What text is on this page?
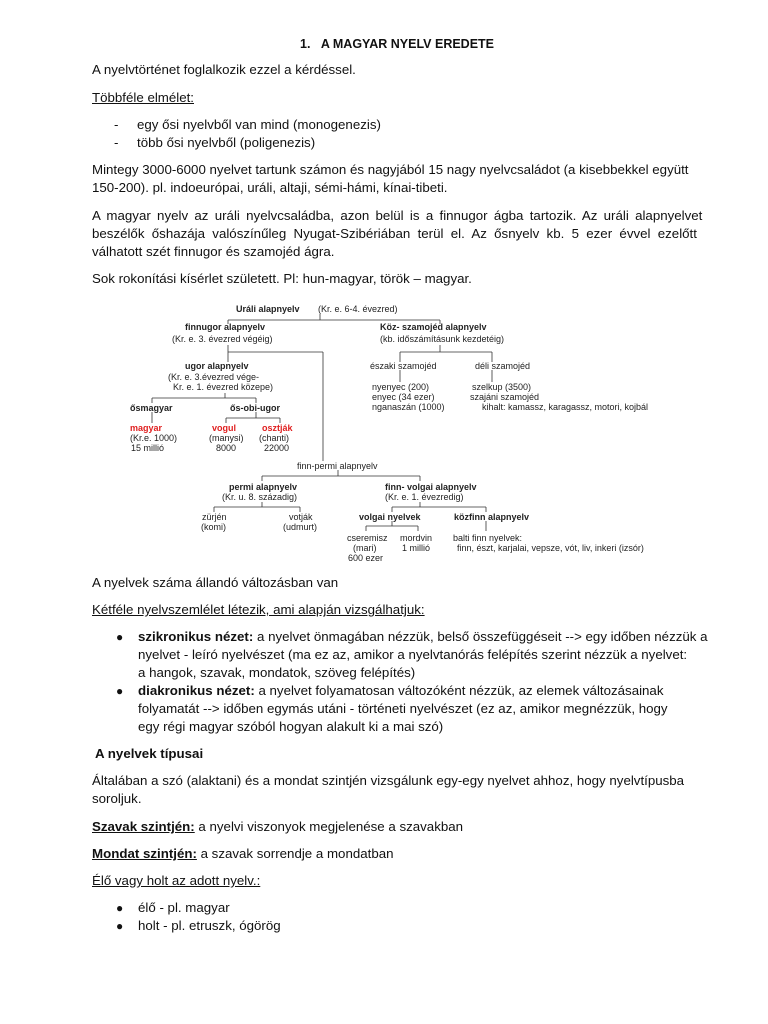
1.   A MAGYAR NYELV EREDETE
A nyelvtörténet foglalkozik ezzel a kérdéssel.
Többféle elmélet:
- egy ősi nyelvből van mind (monogenezis)
- több ősi nyelvből (poligenezis)
Mintegy 3000-6000 nyelvet tartunk számon és nagyjából 15 nagy nyelvcsaládot (a kisebbekkel együtt
150-200). pl. indoeurópai, uráli, altaji, sémi-hámi, kínai-tibeti.
A magyar nyelv az uráli nyelvcsaládba, azon belül is a finnugor ágba tartozik. Az uráli alapnyelvet
beszélők őshazája valószínűleg Nyugat-Szibériában terül el. Az ősnyelv kb. 5 ezer évvel ezelőtt
válhatott szét finnugor és szamojéd ágra.
Sok rokonítási kísérlet született. Pl: hun-magyar, török – magyar.
Uráli alapnyelv (Kr. e. 6-4. évezred)
finnugor alapnyelv
(Kr. e. 3. évezred végéig)
Köz- szamojéd alapnyelv
(kb. időszámításunk kezdetéig)
északi szamojéd	déli szamojéd
nyenyec (200)
enyec (34 ezer)
nganaszán (1000)
szelkup (3500)
szajáni szamojéd
kihalt: kamassz, karagassz, motori, kojbál
ugor alapnyelv
(Kr. e. 3.évezred vége-
Kr. e. 1. évezred közepe)
ősmagyar	ős-obi-ugor
magyar
(Kr.e. 1000)
15 millió
vogul
(manysi)
8000
osztják
(chanti)
22000
finn-permi alapnyelv
permi alapnyelv
(Kr. u. 8. századig)
finn- volgai alapnyelv
(Kr. e. 1. évezredig)
zürjén
(komi)
votják
(udmurt)
volgai nyelvek	közfinn alapnyelv
cseremisz
(mari)
600 ezer
mordvin
1 millió
balti finn nyelvek:
finn, észt, karjalai, vepsze, vót, liv, inkeri (izsór)
A nyelvek száma állandó változásban van
Kétféle nyelvszemlélet létezik, ami alapján vizsgálhatjuk:
● szikronikus nézet: a nyelvet önmagában nézzük, belső összefüggéseit --> egy időben nézzük a
nyelvet - leíró nyelvészet (ma ez az, amikor a nyelvtanórás felépítés szerint nézzük a nyelvet:
a hangok, szavak, mondatok, szöveg felépítés)
● diakronikus nézet: a nyelvet folyamatosan változóként nézzük, az elemek változásainak
folyamatát --> időben egymás utáni - történeti nyelvészet (ez az, amikor megnézzük, hogy
egy régi magyar szóból hogyan alakult ki a mai szó)
A nyelvek típusai
Általában a szó (alaktani) és a mondat szintjén vizsgálunk egy-egy nyelvet ahhoz, hogy nyelvtípusba
soroljuk.
Szavak szintjén: a nyelvi viszonyok megjelenése a szavakban
Mondat szintjén: a szavak sorrendje a mondatban
Élő vagy holt az adott nyelv.:
● élő - pl. magyar
● holt - pl. etruszk, ógörög
